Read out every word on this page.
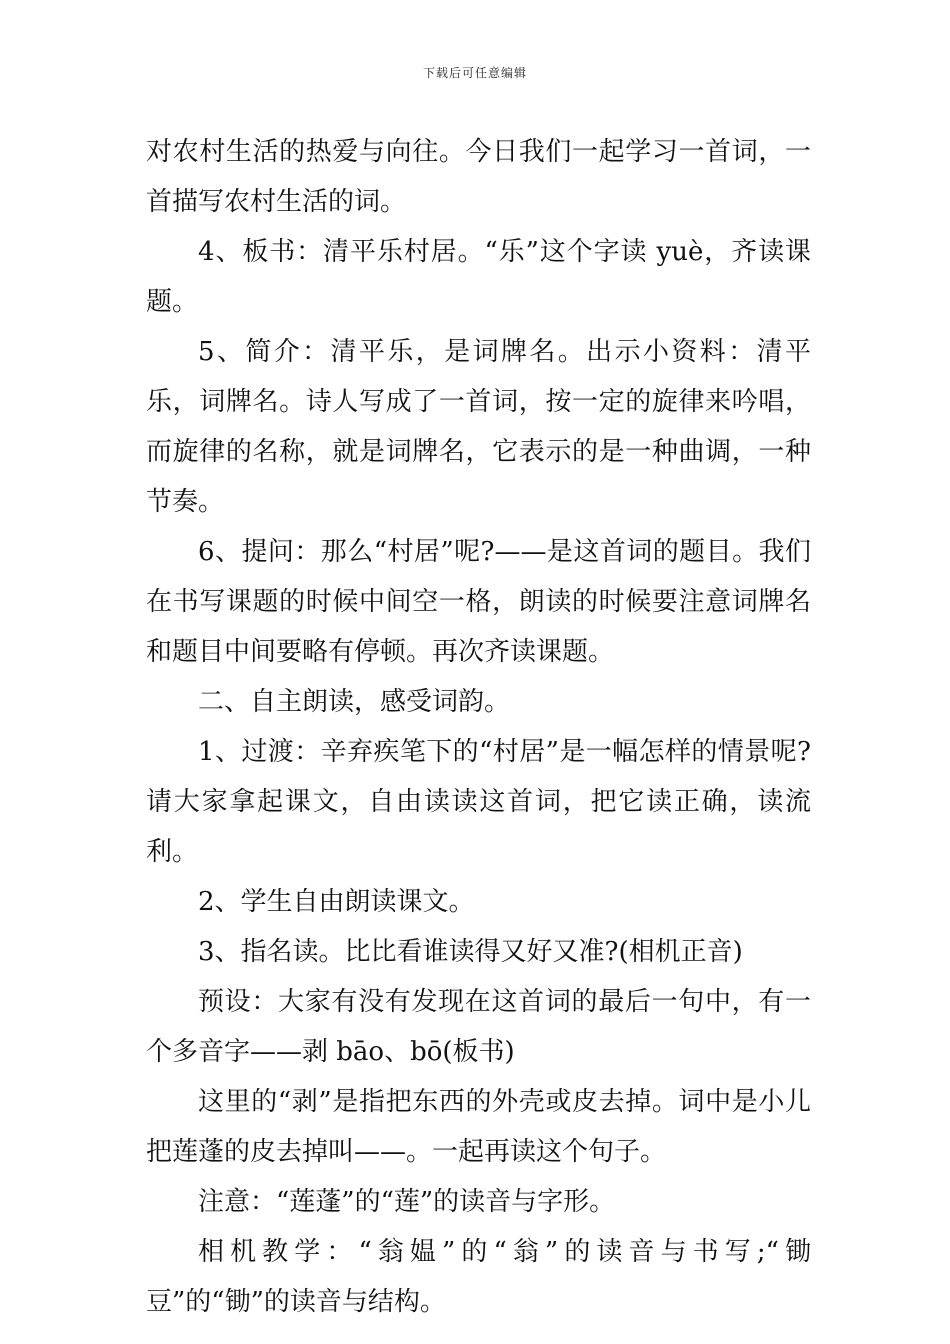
下载后可任意编辑

对农村生活的热爱与向往。今日我们一起学习一首词，一首描写农村生活的词。

4、板书：清平乐村居。“乐”这个字读 yuè，齐读课题。

5、简介：清平乐，是词牌名。出示小资料：清平乐，词牌名。诗人写成了一首词，按一定的旋律来吟唱，而旋律的名称，就是词牌名，它表示的是一种曲调，一种节奏。

6、提问：那么“村居”呢?——是这首词的题目。我们在书写课题的时候中间空一格，朗读的时候要注意词牌名和题目中间要略有停顿。再次齐读课题。

二、自主朗读，感受词韵。

1、过渡：辛弃疾笔下的“村居”是一幅怎样的情景呢?请大家拿起课文，自由读读这首词，把它读正确，读流利。

2、学生自由朗读课文。

3、指名读。比比看谁读得又好又准?(相机正音)

预设：大家有没有发现在这首词的最后一句中，有一个多音字——剥 bāo、bō(板书)

这里的“剥”是指把东西的外壳或皮去掉。词中是小儿把莲蓬的皮去掉叫——。一起再读这个句子。

注意：“莲蓬”的“莲”的读音与字形。

相机教学：“翁媪”的“翁”的读音与书写;“锄豆”的“锄”的读音与结构。
